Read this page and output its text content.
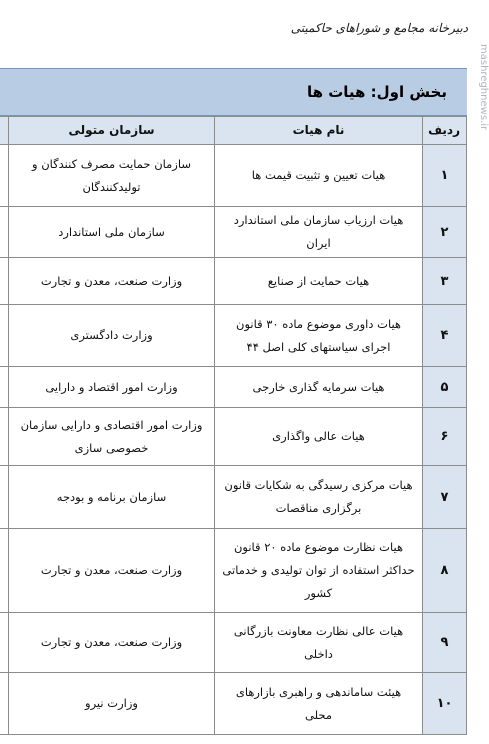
دبیرخانه مجامع و شوراهای حاکمیتی
mashreghnews.ir
بخش اول: هیات ها
ردیف	نام هیات	سازمان متولی	
۱	هیات تعیین و تثبیت قیمت ها	سازمان حمایت مصرف کنندگان و تولیدکنندگان	
۲	هیات ارزیاب سازمان ملی استاندارد ایران	سازمان ملی استاندارد	
۳	هیات حمایت از صنایع	وزارت صنعت، معدن و تجارت	
۴	هیات داوری موضوع ماده ۳۰ قانون اجرای سیاستهای کلی اصل ۴۴	وزارت دادگستری	
۵	هیات سرمایه گذاری خارجی	وزارت امور اقتصاد و دارایی	
۶	هیات عالی واگذاری	وزارت امور اقتصادی و دارایی سازمان خصوصی سازی	
۷	هیات مرکزی رسیدگی به شکایات قانون برگزاری مناقصات	سازمان برنامه و بودجه	
۸	هیات نظارت موضوع ماده ۲۰ قانون حداکثر استفاده از توان تولیدی و خدماتی کشور	وزارت صنعت، معدن و تجارت	
۹	هیات عالی نظارت معاونت بازرگانی داخلی	وزارت صنعت، معدن و تجارت	
۱۰	هیئت ساماندهی و راهبری بازارهای محلی	وزارت نیرو	
